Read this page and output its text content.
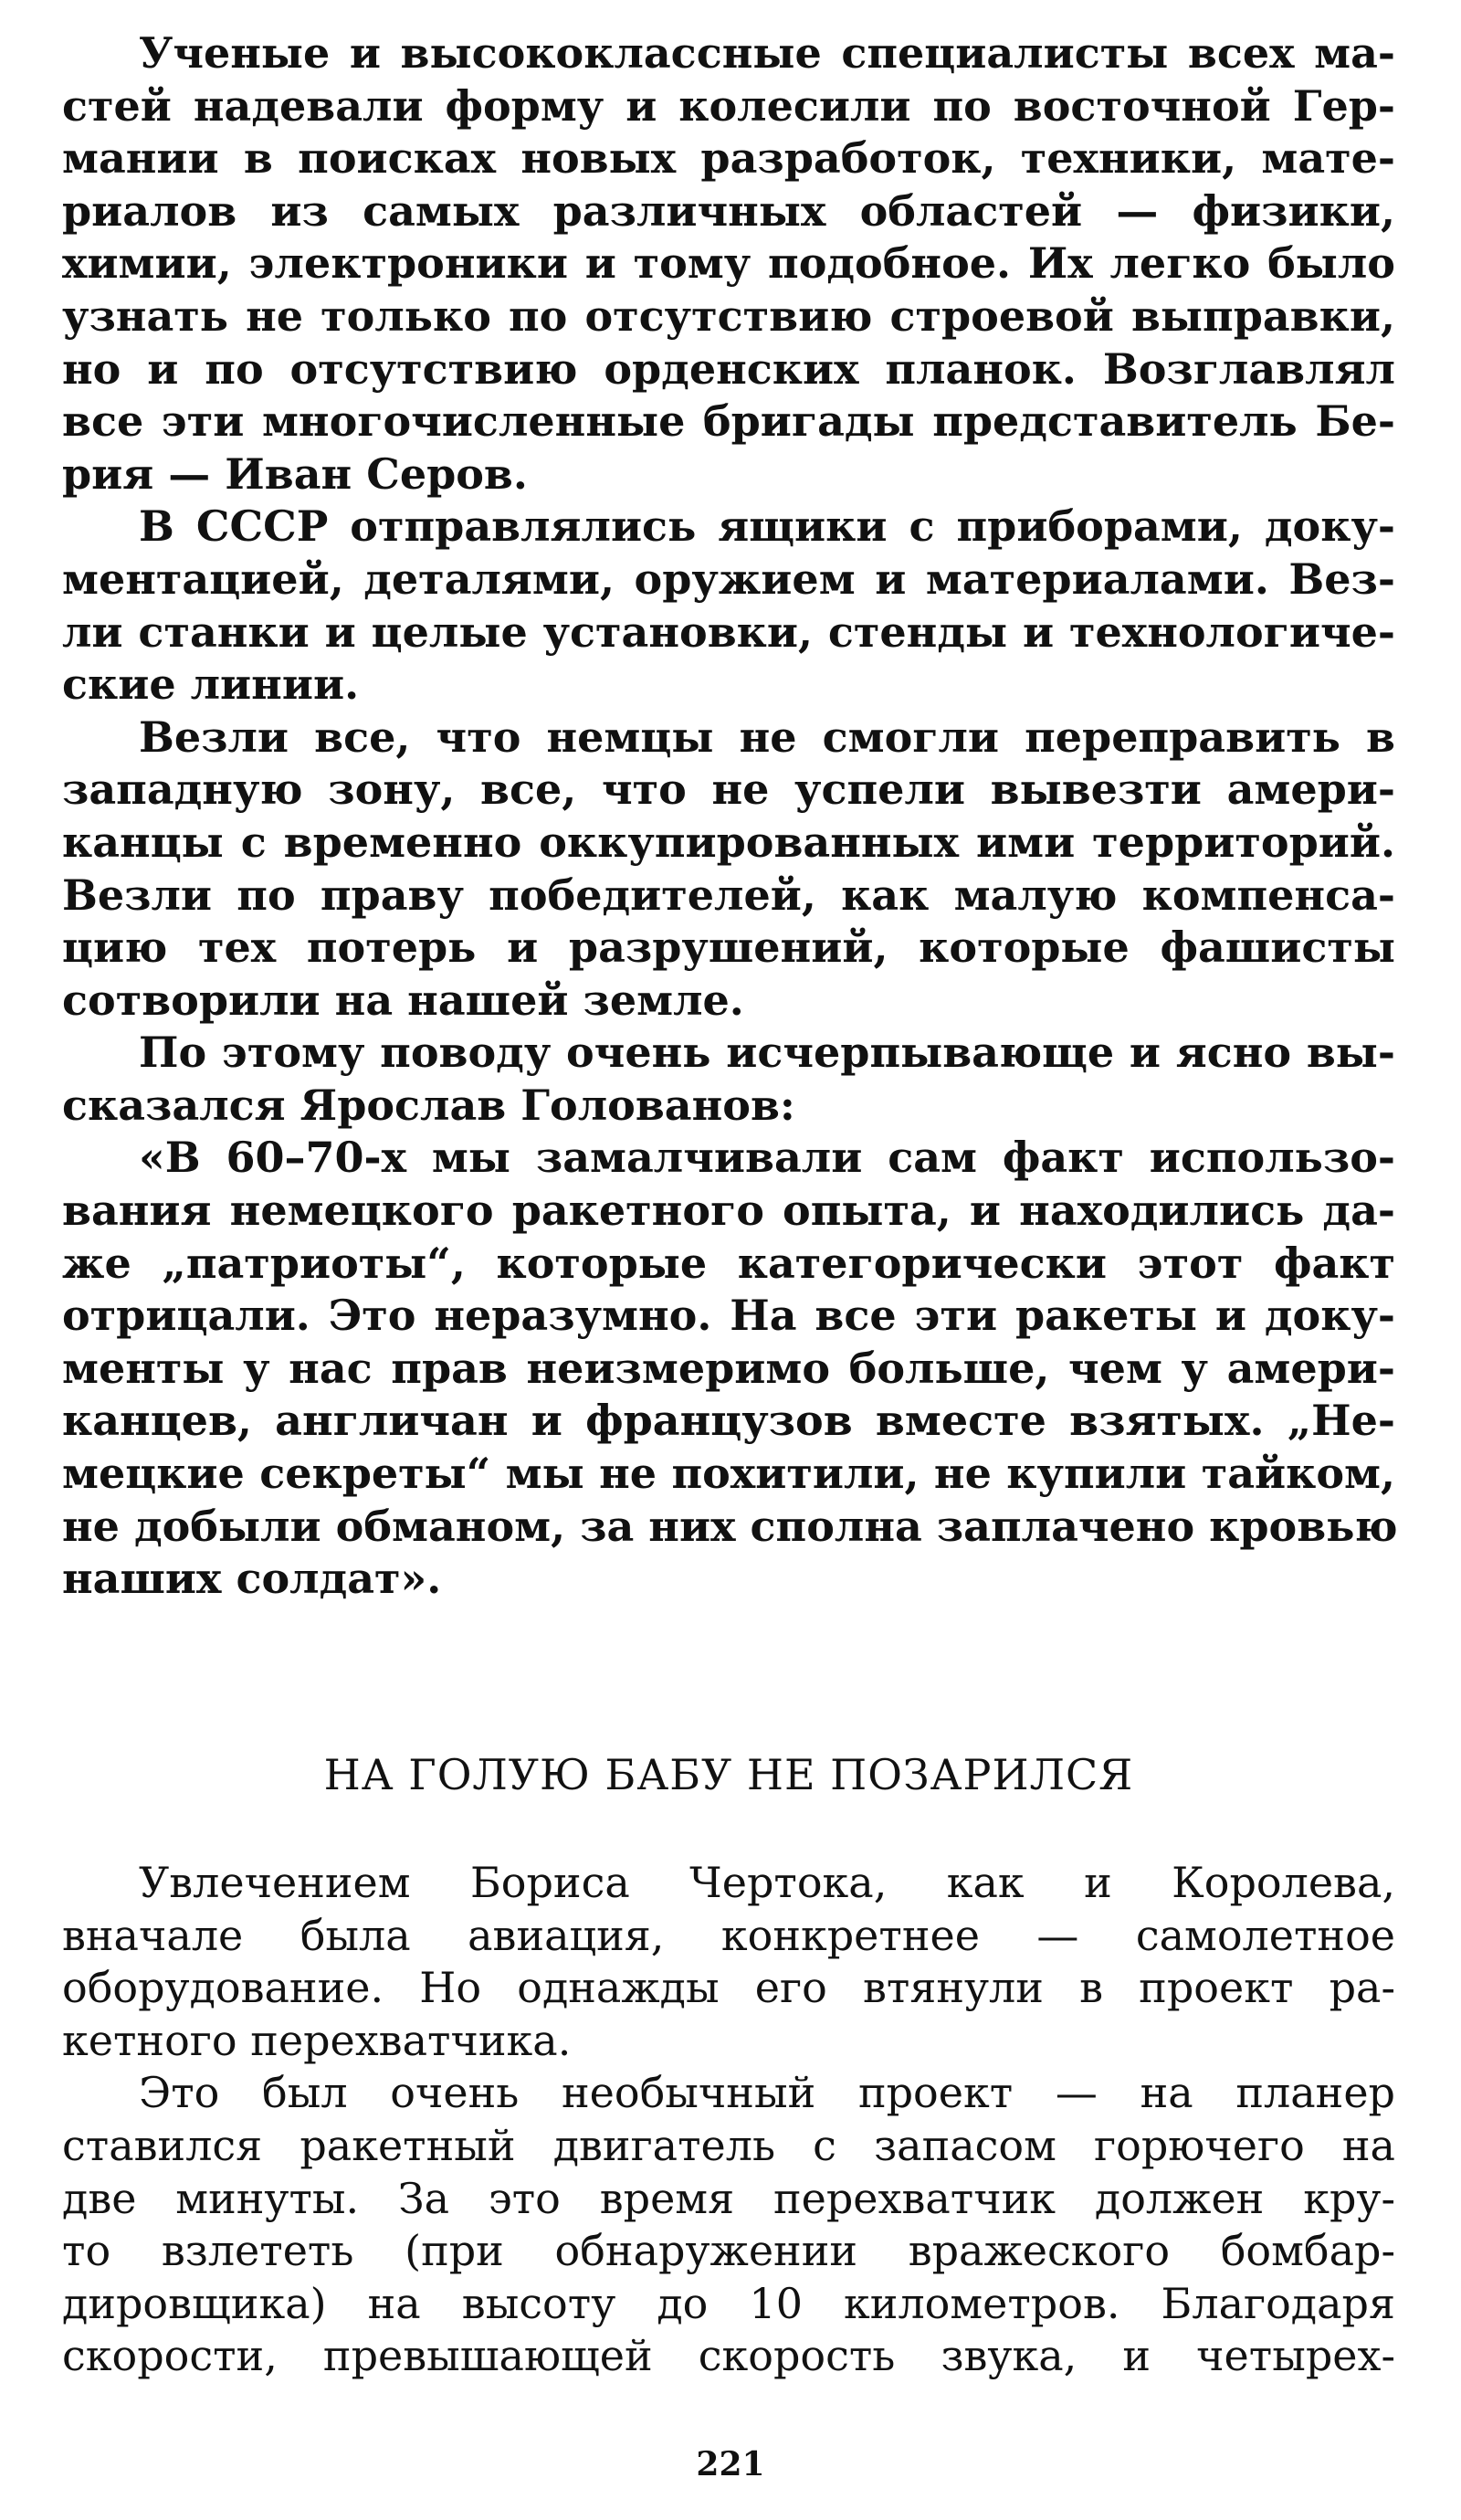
Ученые и высококлассные специалисты всех ма-
стей надевали форму и колесили по восточной Гер-
мании в поисках новых разработок, техники, мате-
риалов из самых различных областей — физики,
химии, электроники и тому подобное. Их легко было
узнать не только по отсутствию строевой выправки,
но и по отсутствию орденских планок. Возглавлял
все эти многочисленные бригады представитель Бе-
рия — Иван Серов.
В СССР отправлялись ящики с приборами, доку-
ментацией, деталями, оружием и материалами. Вез-
ли станки и целые установки, стенды и технологиче-
ские линии.
Везли все, что немцы не смогли переправить в
западную зону, все, что не успели вывезти амери-
канцы с временно оккупированных ими территорий.
Везли по праву победителей, как малую компенса-
цию тех потерь и разрушений, которые фашисты
сотворили на нашей земле.
По этому поводу очень исчерпывающе и ясно вы-
сказался Ярослав Голованов:
«В 60–70-х мы замалчивали сам факт использо-
вания немецкого ракетного опыта, и находились да-
же „патриоты“, которые категорически этот факт
отрицали. Это неразумно. На все эти ракеты и доку-
менты у нас прав неизмеримо больше, чем у амери-
канцев, англичан и французов вместе взятых. „Не-
мецкие секреты“ мы не похитили, не купили тайком,
не добыли обманом, за них сполна заплачено кровью
наших солдат».
НА ГОЛУЮ БАБУ НЕ ПОЗАРИЛСЯ
Увлечением Бориса Чертока, как и Королева,
вначале была авиация, конкретнее — самолетное
оборудование. Но однажды его втянули в проект ра-
кетного перехватчика.
Это был очень необычный проект — на планер
ставился ракетный двигатель с запасом горючего на
две минуты. За это время перехватчик должен кру-
то взлететь (при обнаружении вражеского бомбар-
дировщика) на высоту до 10 километров. Благодаря
скорости, превышающей скорость звука, и четырех-
221
